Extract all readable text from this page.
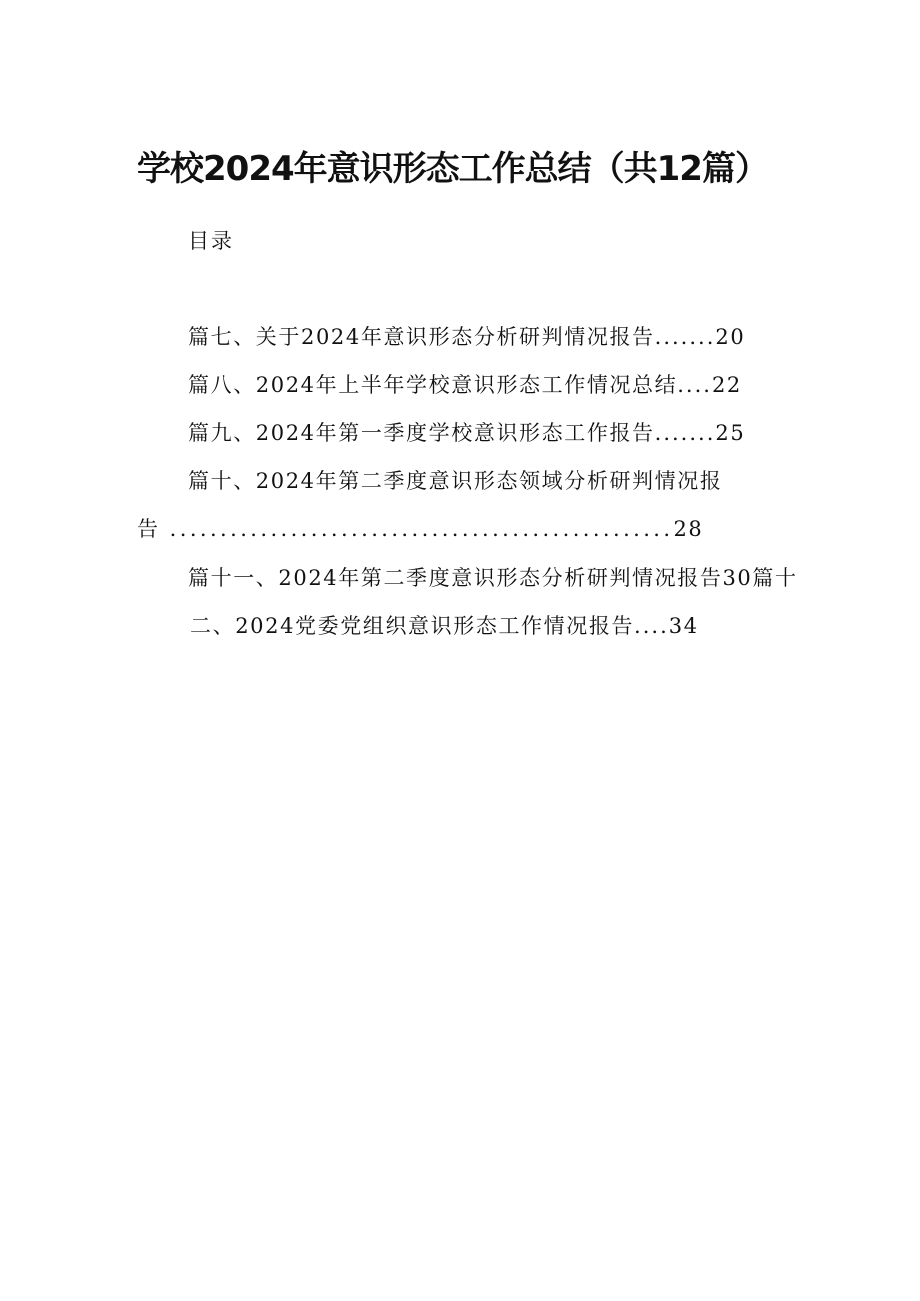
学校2024年意识形态工作总结（共12篇）
目录
篇七、关于2024年意识形态分析研判情况报告.......20
篇八、2024年上半年学校意识形态工作情况总结....22
篇九、2024年第一季度学校意识形态工作报告.......25
篇十、2024年第二季度意识形态领域分析研判情况报
告 ..................................................28
篇十一、2024年第二季度意识形态分析研判情况报告30篇十
二、2024党委党组织意识形态工作情况报告....34
